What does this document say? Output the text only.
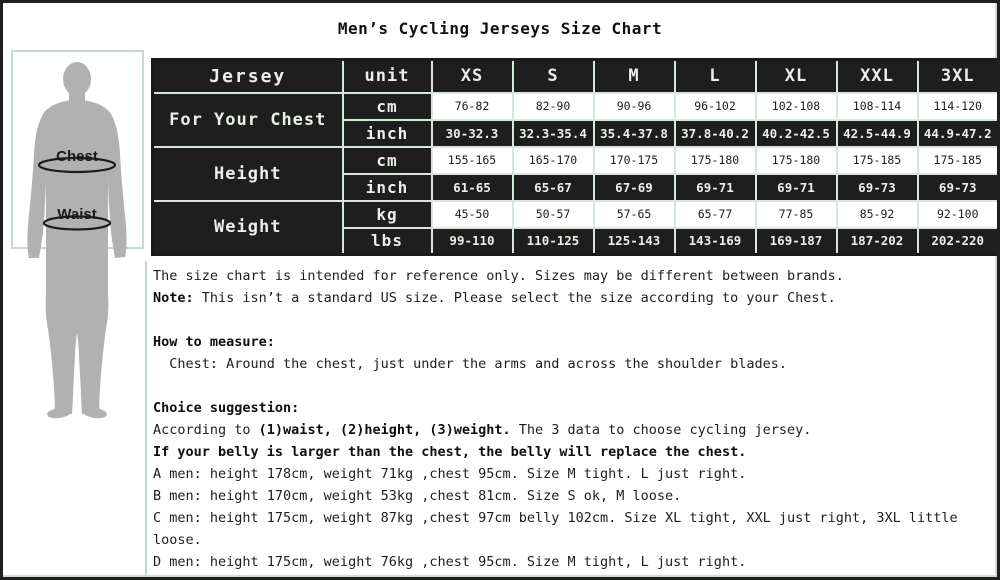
Men’s Cycling Jerseys Size Chart
Chest
Waist
Jersey	unit	XS	S	M	L	XL	XXL	3XL
For Your Chest	cm	76-82	82-90	90-96	96-102	102-108	108-114	114-120
	inch	30-32.3	32.3-35.4	35.4-37.8	37.8-40.2	40.2-42.5	42.5-44.9	44.9-47.2
Height	cm	155-165	165-170	170-175	175-180	175-180	175-185	175-185
	inch	61-65	65-67	67-69	69-71	69-71	69-73	69-73
Weight	kg	45-50	50-57	57-65	65-77	77-85	85-92	92-100
	lbs	99-110	110-125	125-143	143-169	169-187	187-202	202-220
The size chart is intended for reference only. Sizes may be different between brands.
Note: This isn’t a standard US size. Please select the size according to your Chest.
How to measure:
Chest: Around the chest, just under the arms and across the shoulder blades.
Choice suggestion:
According to (1)waist, (2)height, (3)weight. The 3 data to choose cycling jersey.
If your belly is larger than the chest, the belly will replace the chest.
A men: height 178cm, weight 71kg ,chest 95cm. Size M tight. L just right.
B men: height 170cm, weight 53kg ,chest 81cm. Size S ok, M loose.
C men: height 175cm, weight 87kg ,chest 97cm belly 102cm. Size XL tight, XXL just right, 3XL little loose.
D men: height 175cm, weight 76kg ,chest 95cm. Size M tight, L just right.
